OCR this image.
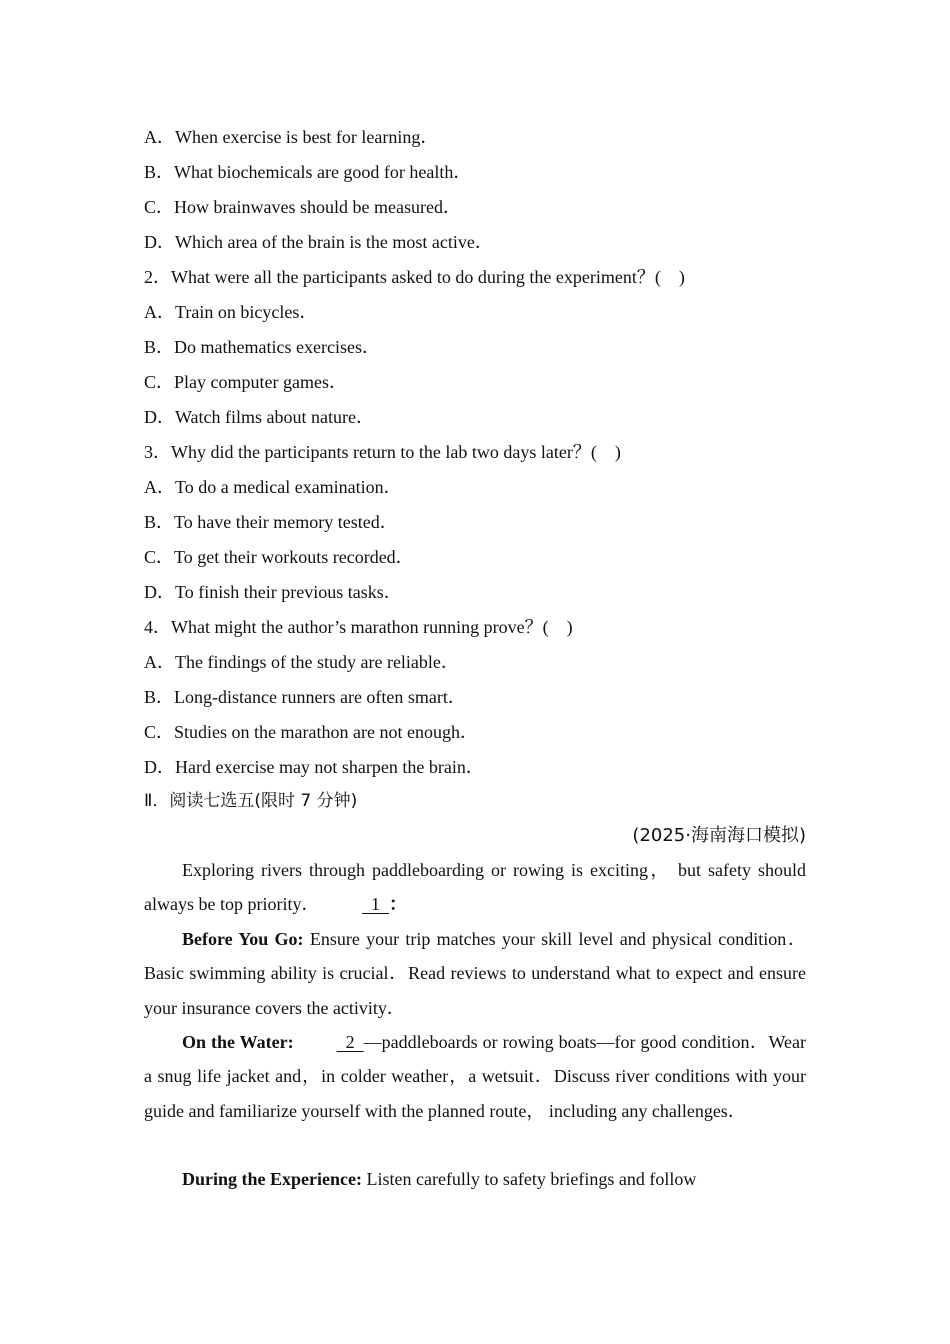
A．When exercise is best for learning．
B．What biochemicals are good for health．
C．How brainwaves should be measured．
D．Which area of the brain is the most active．
2．What were all the participants asked to do during the experiment？(    )
A．Train on bicycles．
B．Do mathematics exercises．
C．Play computer games．
D．Watch films about nature．
3．Why did the participants return to the lab two days later？(    )
A．To do a medical examination．
B．To have their memory tested．
C．To get their workouts recorded．
D．To finish their previous tasks．
4．What might the author’s marathon running prove？(    )
A．The findings of the study are reliable．
B．Long-distance runners are often smart．
C．Studies on the marathon are not enough．
D．Hard exercise may not sharpen the brain．
Ⅱ．阅读七选五(限时 7 分钟)
(2025·海南海口模拟)
Exploring rivers through paddleboarding or rowing is exciting， but safety should always be top priority．   1  ：
Before You Go: Ensure your trip matches your skill level and physical condition．Basic swimming ability is crucial．Read reviews to understand what to expect and ensure your insurance covers the activity．
On the Water:   2  —paddleboards or rowing boats—for good condition．Wear a snug life jacket and，in colder weather，a wetsuit．Discuss river conditions with your guide and familiarize yourself with the planned route， including any challenges．
During the Experience: Listen carefully to safety briefings and follow
